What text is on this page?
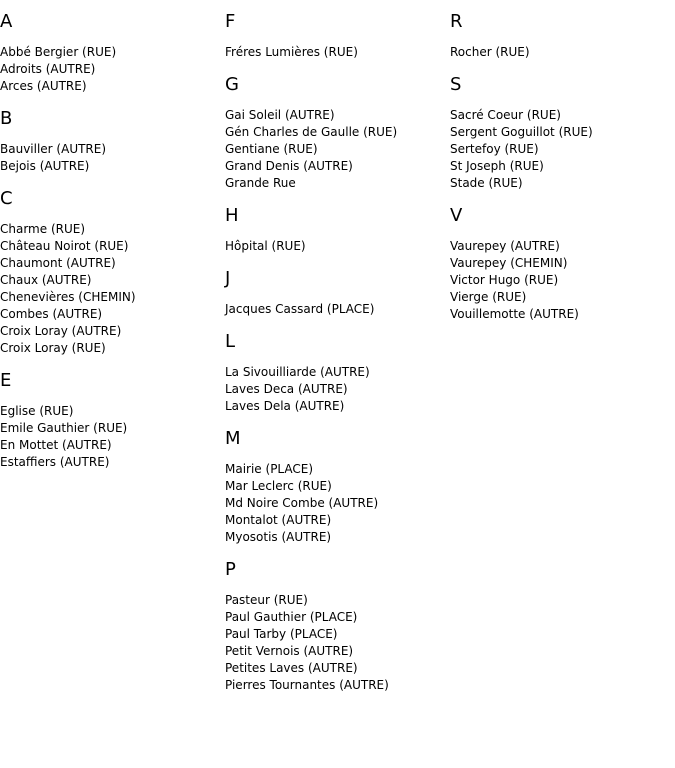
A
Abbé Bergier (RUE)
Adroits (AUTRE)
Arces (AUTRE)
B
Bauviller (AUTRE)
Bejois (AUTRE)
C
Charme (RUE)
Château Noirot (RUE)
Chaumont (AUTRE)
Chaux (AUTRE)
Chenevières (CHEMIN)
Combes (AUTRE)
Croix Loray (AUTRE)
Croix Loray (RUE)
E
Eglise (RUE)
Emile Gauthier (RUE)
En Mottet (AUTRE)
Estaffiers (AUTRE)
F
Fréres Lumières (RUE)
G
Gai Soleil (AUTRE)
Gén Charles de Gaulle (RUE)
Gentiane (RUE)
Grand Denis (AUTRE)
Grande Rue
H
Hôpital (RUE)
J
Jacques Cassard (PLACE)
L
La Sivouilliarde (AUTRE)
Laves Deca (AUTRE)
Laves Dela (AUTRE)
M
Mairie (PLACE)
Mar Leclerc (RUE)
Md Noire Combe (AUTRE)
Montalot (AUTRE)
Myosotis (AUTRE)
P
Pasteur (RUE)
Paul Gauthier (PLACE)
Paul Tarby (PLACE)
Petit Vernois (AUTRE)
Petites Laves (AUTRE)
Pierres Tournantes (AUTRE)
R
Rocher (RUE)
S
Sacré Coeur (RUE)
Sergent Goguillot (RUE)
Sertefoy (RUE)
St Joseph (RUE)
Stade (RUE)
V
Vaurepey (AUTRE)
Vaurepey (CHEMIN)
Victor Hugo (RUE)
Vierge (RUE)
Vouillemotte (AUTRE)
